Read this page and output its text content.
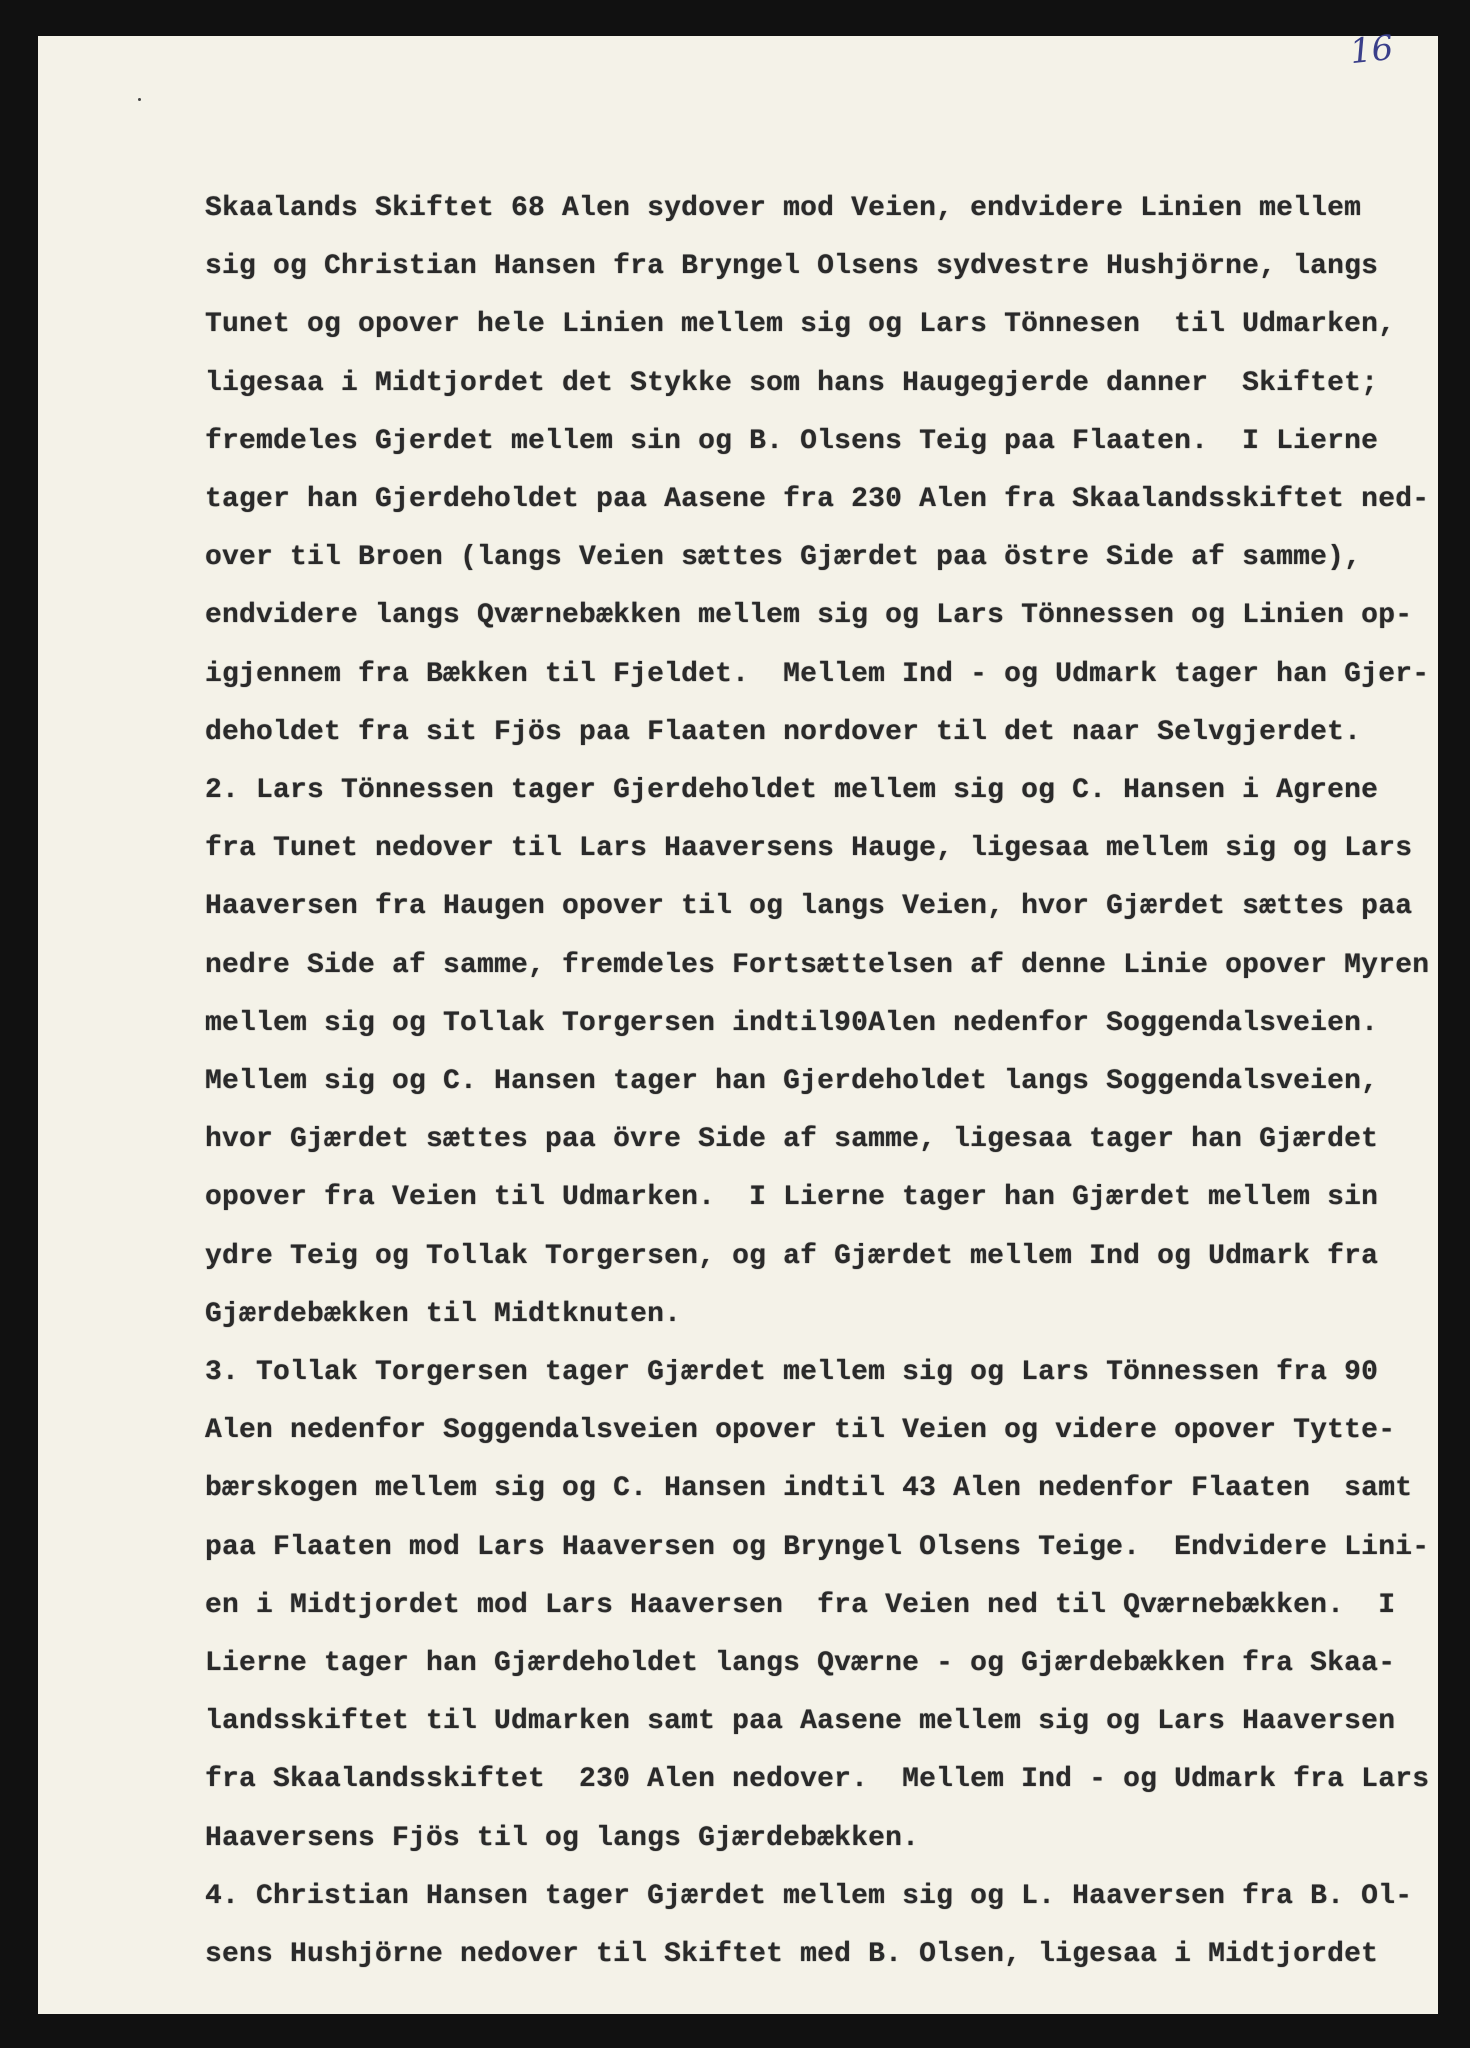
16
Skaalands Skiftet 68 Alen sydover mod Veien, endvidere Linien mellem
sig og Christian Hansen fra Bryngel Olsens sydvestre Hushjörne, langs
Tunet og opover hele Linien mellem sig og Lars Tönnesen  til Udmarken,
ligesaa i Midtjordet det Stykke som hans Haugegjerde danner  Skiftet;
fremdeles Gjerdet mellem sin og B. Olsens Teig paa Flaaten.  I Lierne
tager han Gjerdeholdet paa Aasene fra 230 Alen fra Skaalandsskiftet ned-
over til Broen (langs Veien sættes Gjærdet paa östre Side af samme),
endvidere langs Qværnebækken mellem sig og Lars Tönnessen og Linien op-
igjennem fra Bækken til Fjeldet.  Mellem Ind - og Udmark tager han Gjer-
deholdet fra sit Fjös paa Flaaten nordover til det naar Selvgjerdet.
2. Lars Tönnessen tager Gjerdeholdet mellem sig og C. Hansen i Agrene
fra Tunet nedover til Lars Haaversens Hauge, ligesaa mellem sig og Lars
Haaversen fra Haugen opover til og langs Veien, hvor Gjærdet sættes paa
nedre Side af samme, fremdeles Fortsættelsen af denne Linie opover Myren
mellem sig og Tollak Torgersen indtil90Alen nedenfor Soggendalsveien.
Mellem sig og C. Hansen tager han Gjerdeholdet langs Soggendalsveien,
hvor Gjærdet sættes paa övre Side af samme, ligesaa tager han Gjærdet
opover fra Veien til Udmarken.  I Lierne tager han Gjærdet mellem sin
ydre Teig og Tollak Torgersen, og af Gjærdet mellem Ind og Udmark fra
Gjærdebækken til Midtknuten.
3. Tollak Torgersen tager Gjærdet mellem sig og Lars Tönnessen fra 90
Alen nedenfor Soggendalsveien opover til Veien og videre opover Tytte-
bærskogen mellem sig og C. Hansen indtil 43 Alen nedenfor Flaaten  samt
paa Flaaten mod Lars Haaversen og Bryngel Olsens Teige.  Endvidere Lini-
en i Midtjordet mod Lars Haaversen  fra Veien ned til Qværnebækken.  I
Lierne tager han Gjærdeholdet langs Qværne - og Gjærdebækken fra Skaa-
landsskiftet til Udmarken samt paa Aasene mellem sig og Lars Haaversen
fra Skaalandsskiftet  230 Alen nedover.  Mellem Ind - og Udmark fra Lars
Haaversens Fjös til og langs Gjærdebækken.
4. Christian Hansen tager Gjærdet mellem sig og L. Haaversen fra B. Ol-
sens Hushjörne nedover til Skiftet med B. Olsen, ligesaa i Midtjordet
